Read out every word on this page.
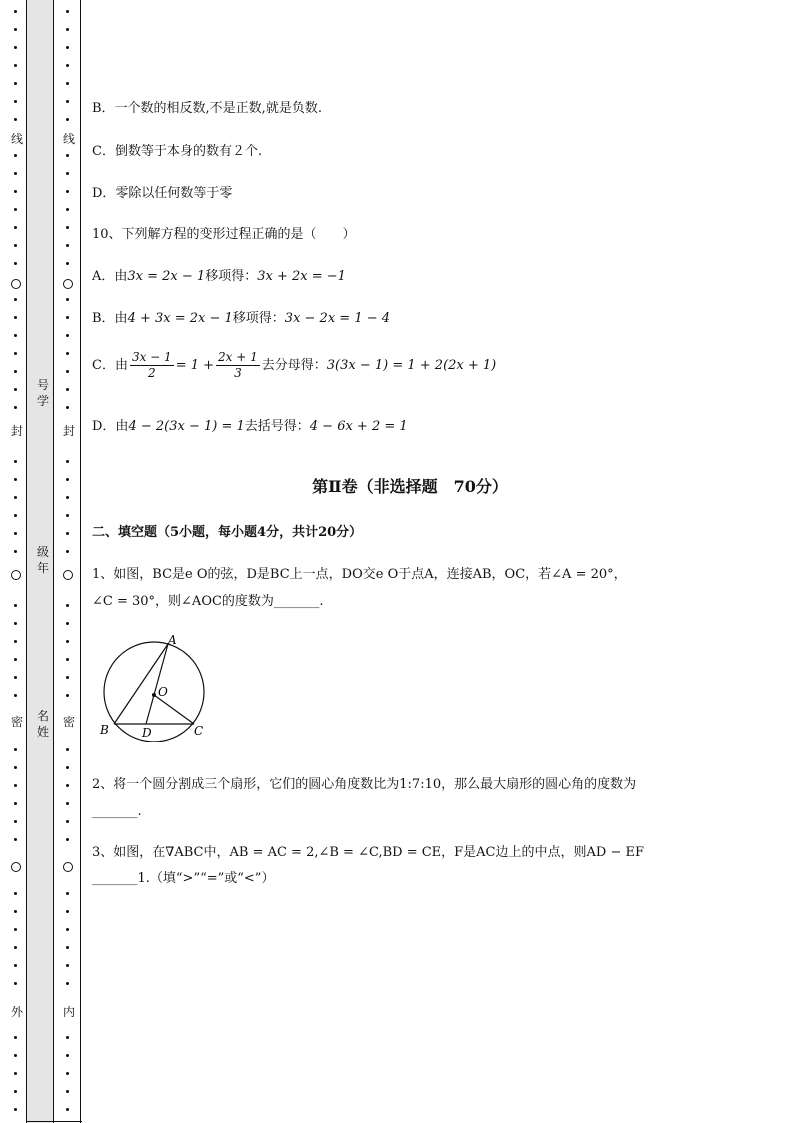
线
封
密
外
线
封
密
内
号学
级年
名姓
B．一个数的相反数,不是正数,就是负数.
C．倒数等于本身的数有２个.
D．零除以任何数等于零
10、下列解方程的变形过程正确的是（　　）
A．由3x = 2x − 1移项得：3x + 2x = −1
B．由4 + 3x = 2x − 1移项得：3x − 2x = 1 − 4
C．由 $\frac{3x - 1}{2} = 1 + \frac{2x + 1}{3}$ 去分母得：3(3x − 1) = 1 + 2(2x + 1)
D．由4 − 2(3x − 1) = 1去括号得：4 − 6x + 2 = 1
第Ⅱ卷（非选择题　70分）
二、填空题（5小题，每小题4分，共计20分）
1、如图，BC是e O的弦，D是BC上一点，DO交e O于点A，连接AB，OC，若∠A = 20°，
∠C = 30°，则∠AOC的度数为_______.
A
O
B	D	C
2、将一个圆分割成三个扇形，它们的圆心角度数比为1:7:10，那么最大扇形的圆心角的度数为
_______.
3、如图，在∇ABC中，AB = AC = 2,∠B = ∠C,BD = CE，F是AC边上的中点，则AD − EF
_______1.（填“>”“=”或“<”）
